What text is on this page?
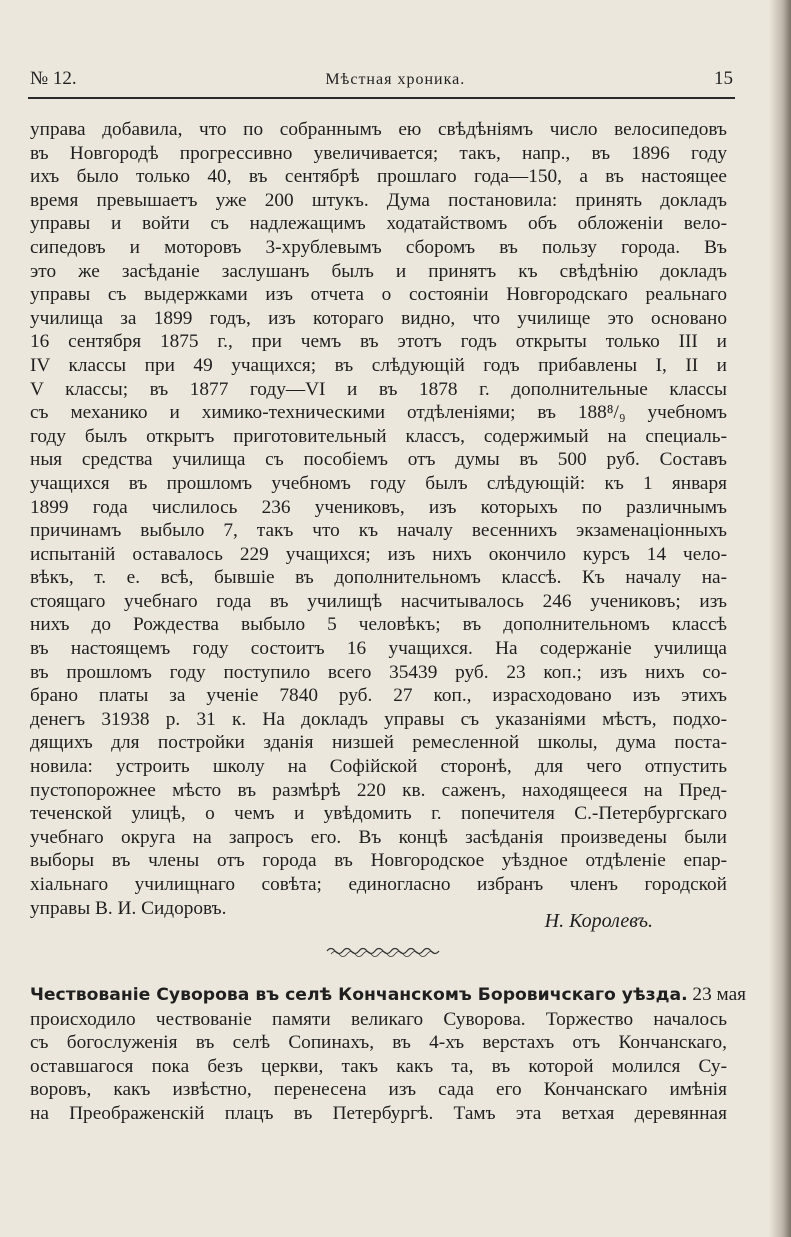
№ 12.	Мѣстная хроника.	15
управа добавила, что по собраннымъ ею свѣдѣніямъ число велосипедовъ
въ Новгородѣ прогрессивно увеличивается; такъ, напр., въ 1896 году
ихъ было только 40, въ сентябрѣ прошлаго года—150, а въ настоящее
время превышаетъ уже 200 штукъ. Дума постановила: принять докладъ
управы и войти съ надлежащимъ ходатайствомъ объ обложеніи вело-
сипедовъ и моторовъ 3-хрублевымъ сборомъ въ пользу города. Въ
это же засѣданіе заслушанъ былъ и принятъ къ свѣдѣнію докладъ
управы съ выдержками изъ отчета о состояніи Новгородскаго реальнаго
училища за 1899 годъ, изъ котораго видно, что училище это основано
16 сентября 1875 г., при чемъ въ этотъ годъ открыты только III и
IV классы при 49 учащихся; въ слѣдующій годъ прибавлены I, II и
V классы; въ 1877 году—VI и въ 1878 г. дополнительные классы
съ механико и химико-техническими отдѣленіями; въ 188⁸/₉ учебномъ
году былъ открытъ приготовительный классъ, содержимый на специаль-
ныя средства училища съ пособіемъ отъ думы въ 500 руб. Составъ
учащихся въ прошломъ учебномъ году былъ слѣдующій: къ 1 января
1899 года числилось 236 учениковъ, изъ которыхъ по различнымъ
причинамъ выбыло 7, такъ что къ началу весеннихъ экзаменаціонныхъ
испытаній оставалось 229 учащихся; изъ нихъ окончило курсъ 14 чело-
вѣкъ, т. е. всѣ, бывшіе въ дополнительномъ классѣ. Къ началу на-
стоящаго учебнаго года въ училищѣ насчитывалось 246 учениковъ; изъ
нихъ до Рождества выбыло 5 человѣкъ; въ дополнительномъ классѣ
въ настоящемъ году состоитъ 16 учащихся. На содержаніе училища
въ прошломъ году поступило всего 35439 руб. 23 коп.; изъ нихъ со-
брано платы за ученіе 7840 руб. 27 коп., израсходовано изъ этихъ
денегъ 31938 р. 31 к. На докладъ управы съ указаніями мѣстъ, подхо-
дящихъ для постройки зданія низшей ремесленной школы, дума поста-
новила: устроить школу на Софійской сторонѣ, для чего отпустить
пустопорожнее мѣсто въ размѣрѣ 220 кв. саженъ, находящееся на Пред-
теченской улицѣ, о чемъ и увѣдомить г. попечителя С.-Петербургскаго
учебнаго округа на запросъ его. Въ концѣ засѣданія произведены были
выборы въ члены отъ города въ Новгородское уѣздное отдѣленіе епар-
хіальнаго училищнаго совѣта; единогласно избранъ членъ городской
управы В. И. Сидоровъ.
Н. Королевъ.
Чествованіе Суворова въ селѣ Кончанскомъ Боровичскаго уѣзда. 23 мая
происходило чествованіе памяти великаго Суворова. Торжество началось
съ богослуженія въ селѣ Сопинахъ, въ 4-хъ верстахъ отъ Кончанскаго,
оставшагося пока безъ церкви, такъ какъ та, въ которой молился Су-
воровъ, какъ извѣстно, перенесена изъ сада его Кончанскаго имѣнія
на Преображенскій плацъ въ Петербургѣ. Тамъ эта ветхая деревянная
